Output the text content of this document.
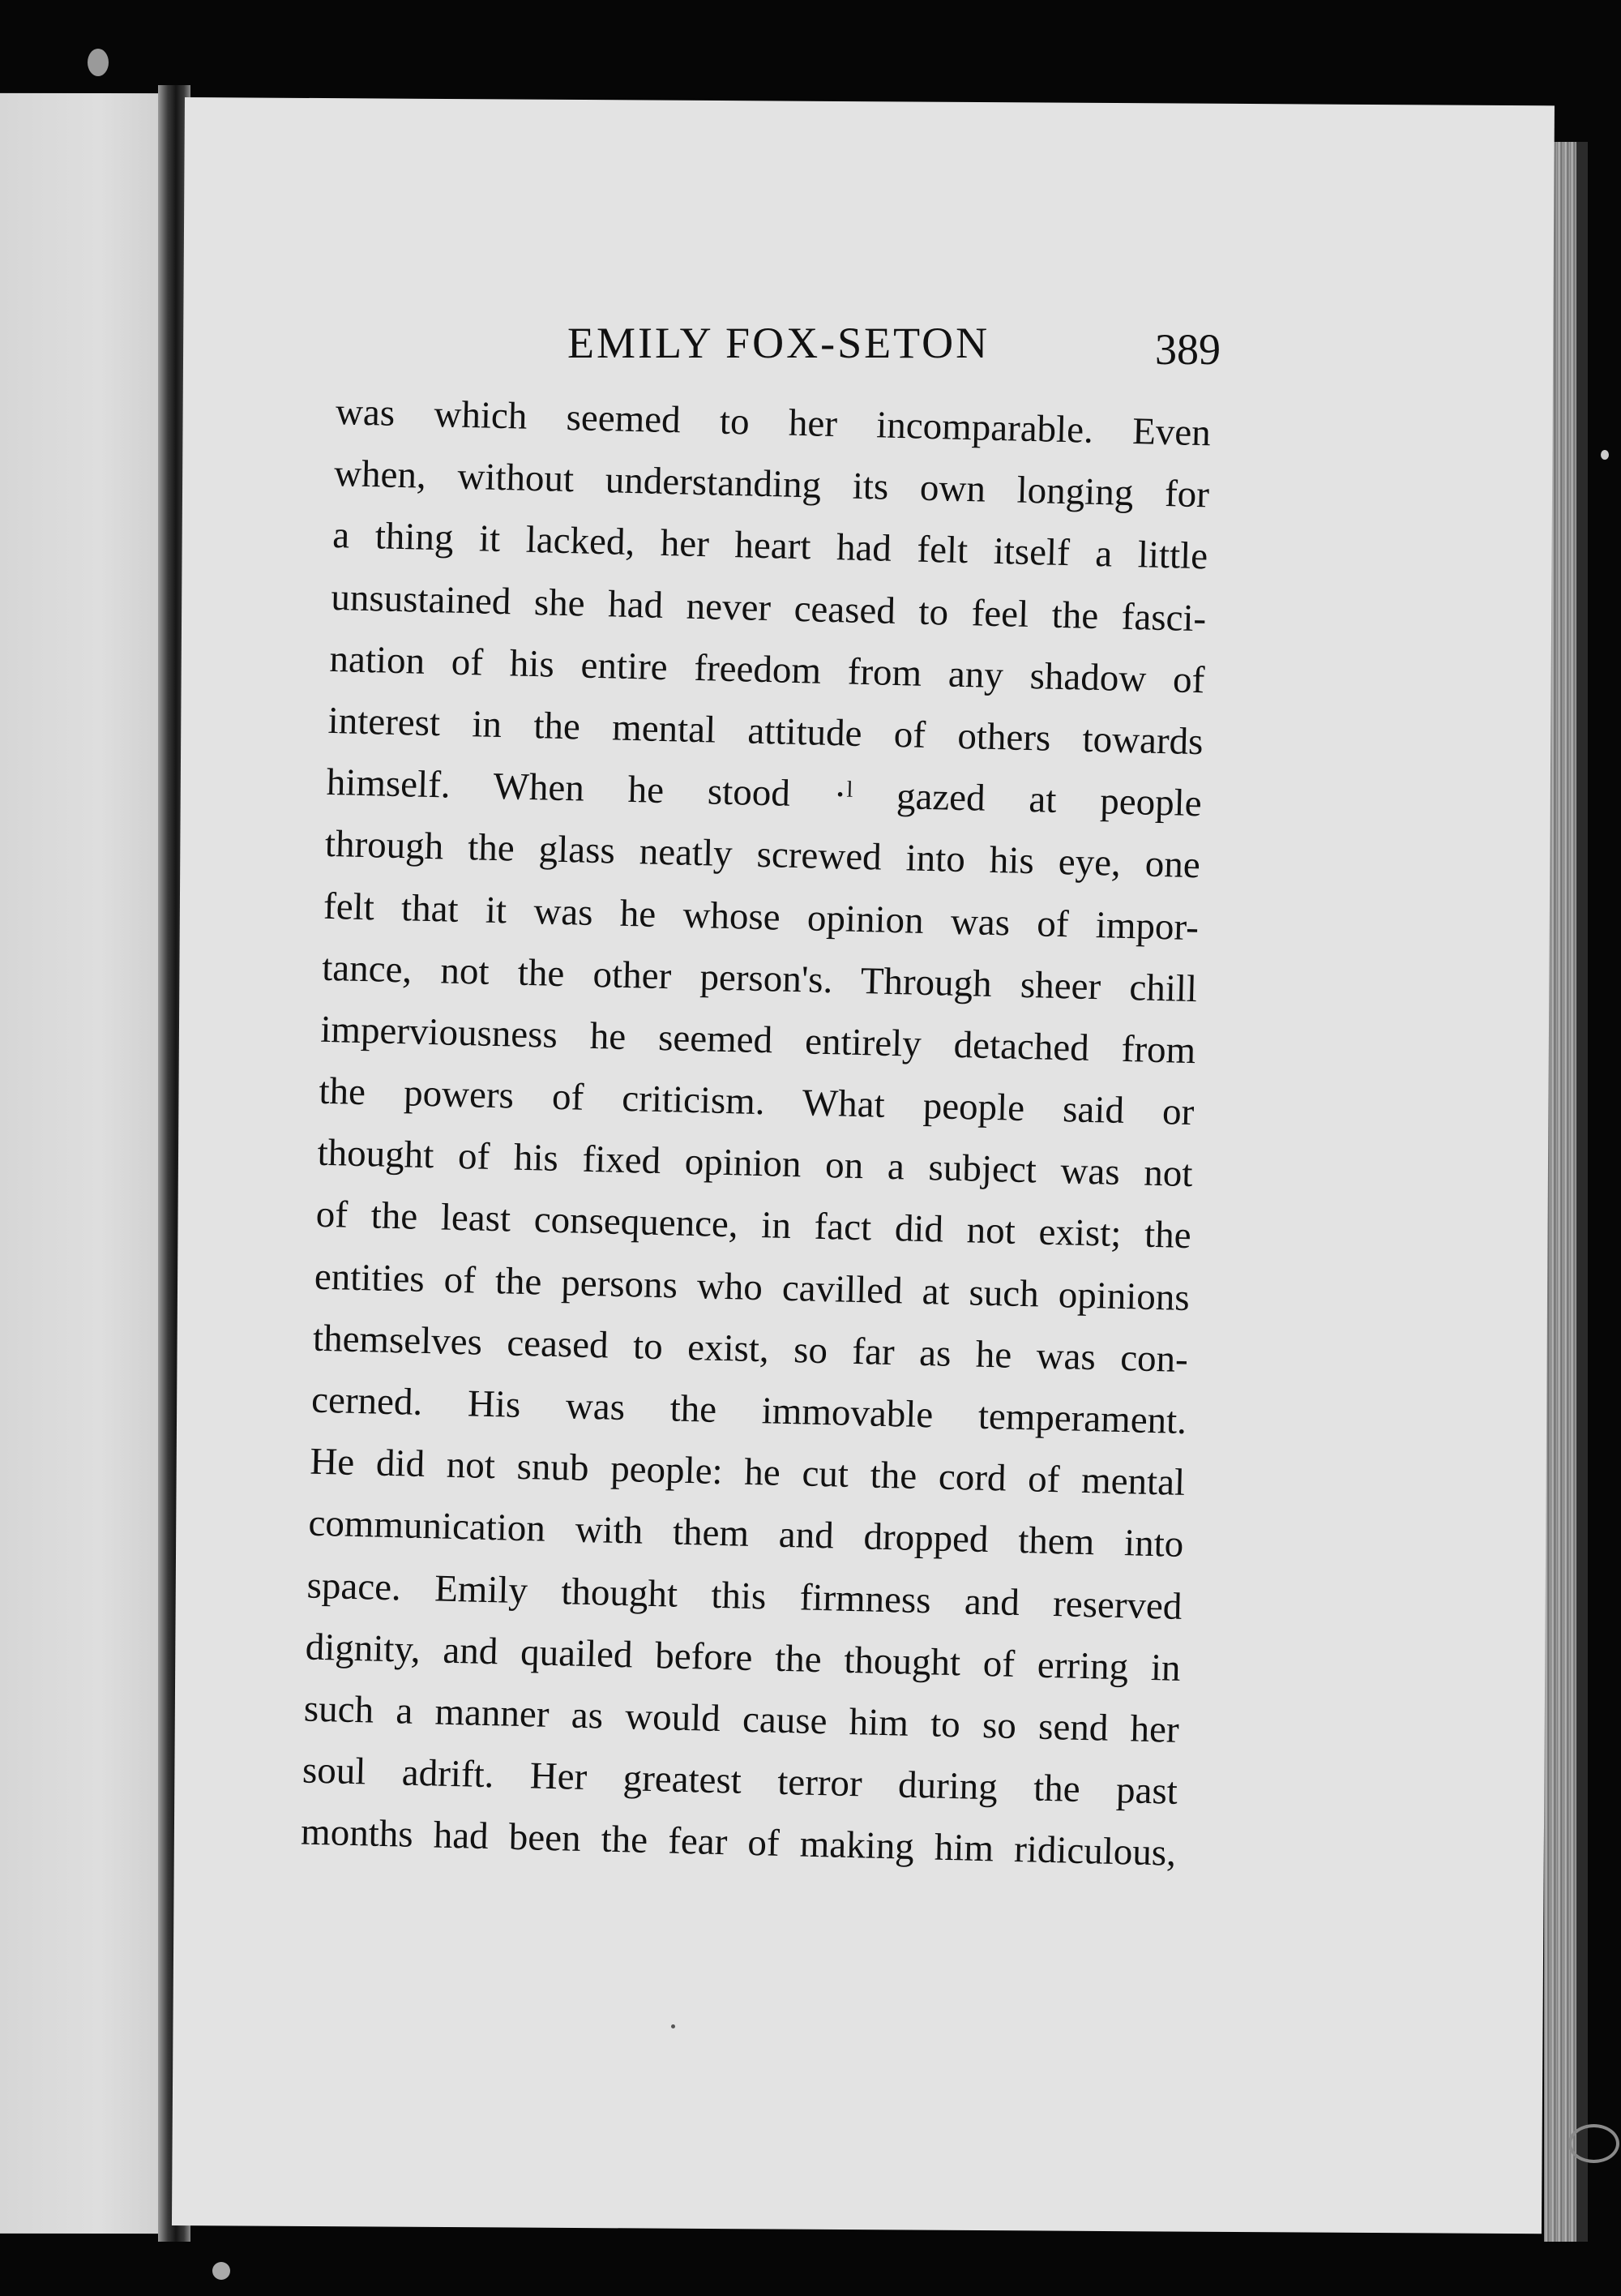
EMILY FOX-SETON	389
was which seemed to her incomparable. Even
when, without understanding its own longing for
a thing it lacked, her heart had felt itself a little
unsustained she had never ceased to feel the fasci-
nation of his entire freedom from any shadow of
interest in the mental attitude of others towards
himself. When he stood ·ˡ gazed at people
through the glass neatly screwed into his eye, one
felt that it was he whose opinion was of impor-
tance, not the other person's. Through sheer chill
imperviousness he seemed entirely detached from
the powers of criticism. What people said or
thought of his fixed opinion on a subject was not
of the least consequence, in fact did not exist; the
entities of the persons who cavilled at such opinions
themselves ceased to exist, so far as he was con-
cerned. His was the immovable temperament.
He did not snub people: he cut the cord of mental
communication with them and dropped them into
space. Emily thought this firmness and reserved
dignity, and quailed before the thought of erring in
such a manner as would cause him to so send her
soul adrift. Her greatest terror during the past
months had been the fear of making him ridiculous,
